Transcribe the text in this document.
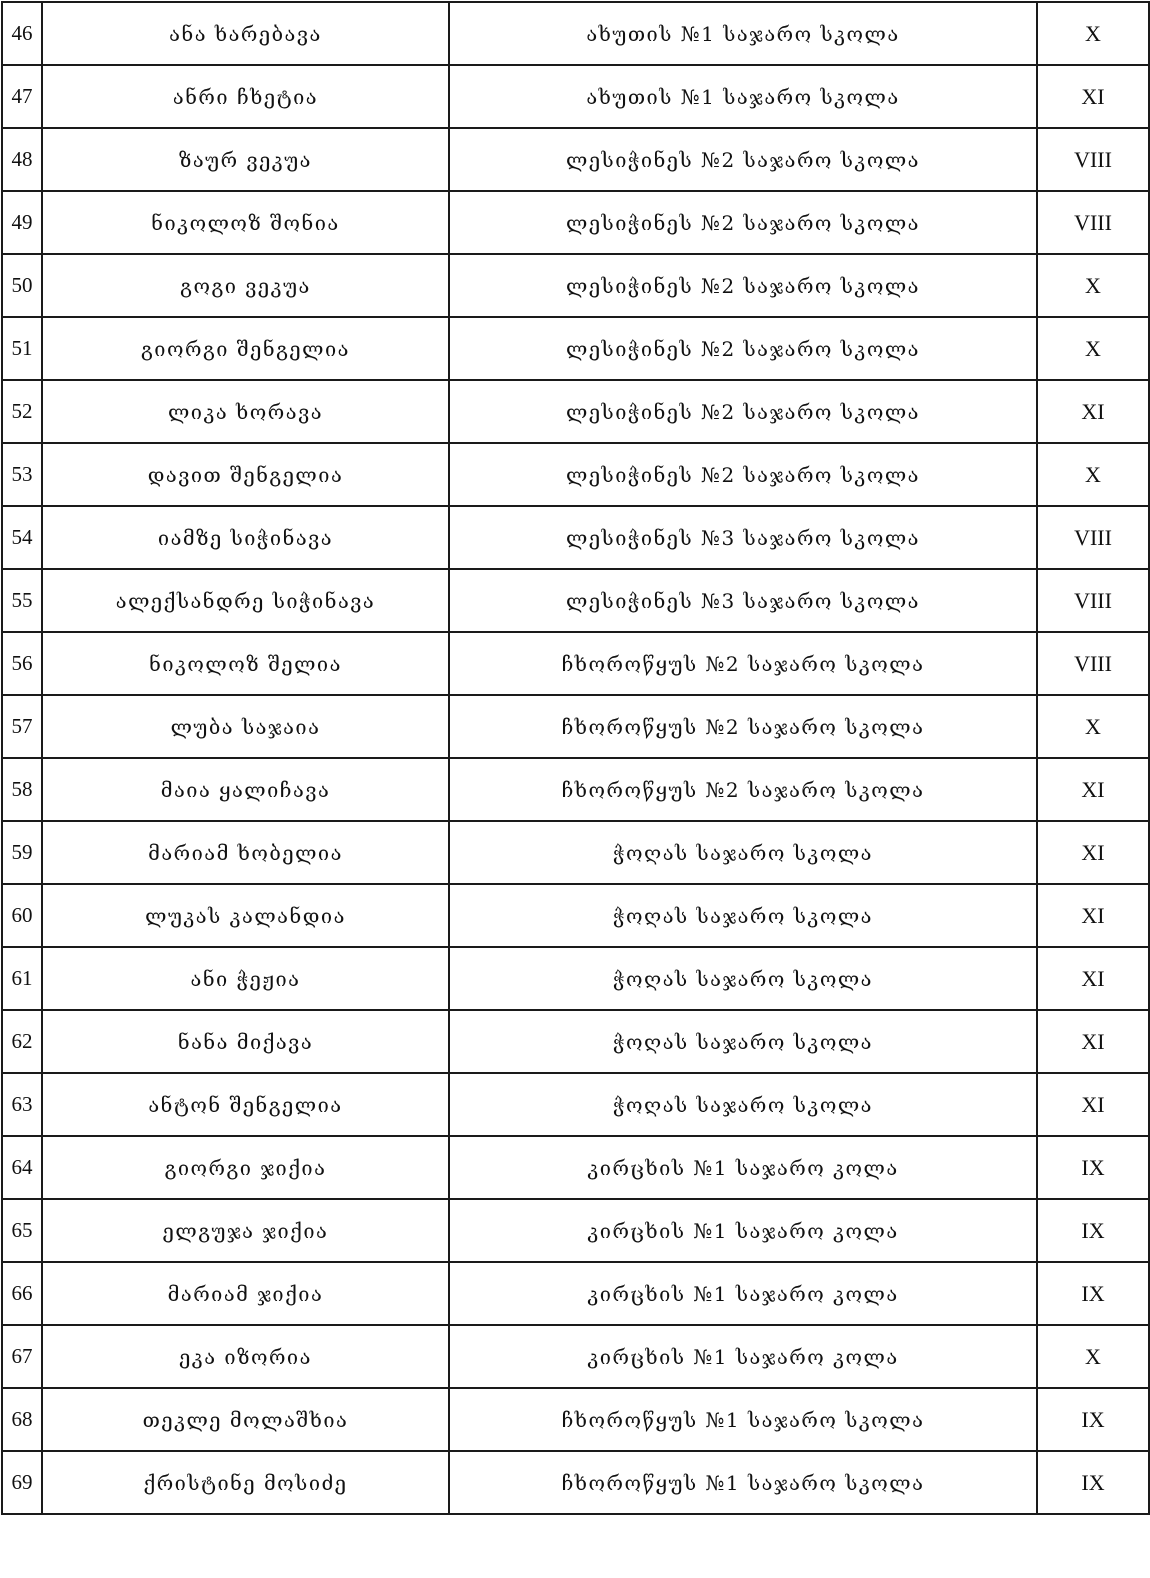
46	ანა ხარებავა	ახუთის №1 საჯარო სკოლა	X
47	ანრი ჩხეტია	ახუთის №1 საჯარო სკოლა	XI
48	ზაურ ვეკუა	ლესიჭინეს №2 საჯარო სკოლა	VIII
49	ნიკოლოზ შონია	ლესიჭინეს №2 საჯარო სკოლა	VIII
50	გოგი ვეკუა	ლესიჭინეს №2 საჯარო სკოლა	X
51	გიორგი შენგელია	ლესიჭინეს №2 საჯარო სკოლა	X
52	ლიკა ხორავა	ლესიჭინეს №2 საჯარო სკოლა	XI
53	დავით შენგელია	ლესიჭინეს №2 საჯარო სკოლა	X
54	იამზე სიჭინავა	ლესიჭინეს №3 საჯარო სკოლა	VIII
55	ალექსანდრე სიჭინავა	ლესიჭინეს №3 საჯარო სკოლა	VIII
56	ნიკოლოზ შელია	ჩხოროწყუს №2 საჯარო სკოლა	VIII
57	ლუბა საჯაია	ჩხოროწყუს №2 საჯარო სკოლა	X
58	მაია ყალიჩავა	ჩხოროწყუს №2 საჯარო სკოლა	XI
59	მარიამ ხობელია	ჭოღას საჯარო სკოლა	XI
60	ლუკას კალანდია	ჭოღას საჯარო სკოლა	XI
61	ანი ჭეჟია	ჭოღას საჯარო სკოლა	XI
62	ნანა მიქავა	ჭოღას საჯარო სკოლა	XI
63	ანტონ შენგელია	ჭოღას საჯარო სკოლა	XI
64	გიორგი ჯიქია	კირცხის №1 საჯარო კოლა	IX
65	ელგუჯა ჯიქია	კირცხის №1 საჯარო კოლა	IX
66	მარიამ ჯიქია	კირცხის №1 საჯარო კოლა	IX
67	ეკა იზორია	კირცხის №1 საჯარო კოლა	X
68	თეკლე მოლაშხია	ჩხოროწყუს №1 საჯარო სკოლა	IX
69	ქრისტინე მოსიძე	ჩხოროწყუს №1 საჯარო სკოლა	IX
